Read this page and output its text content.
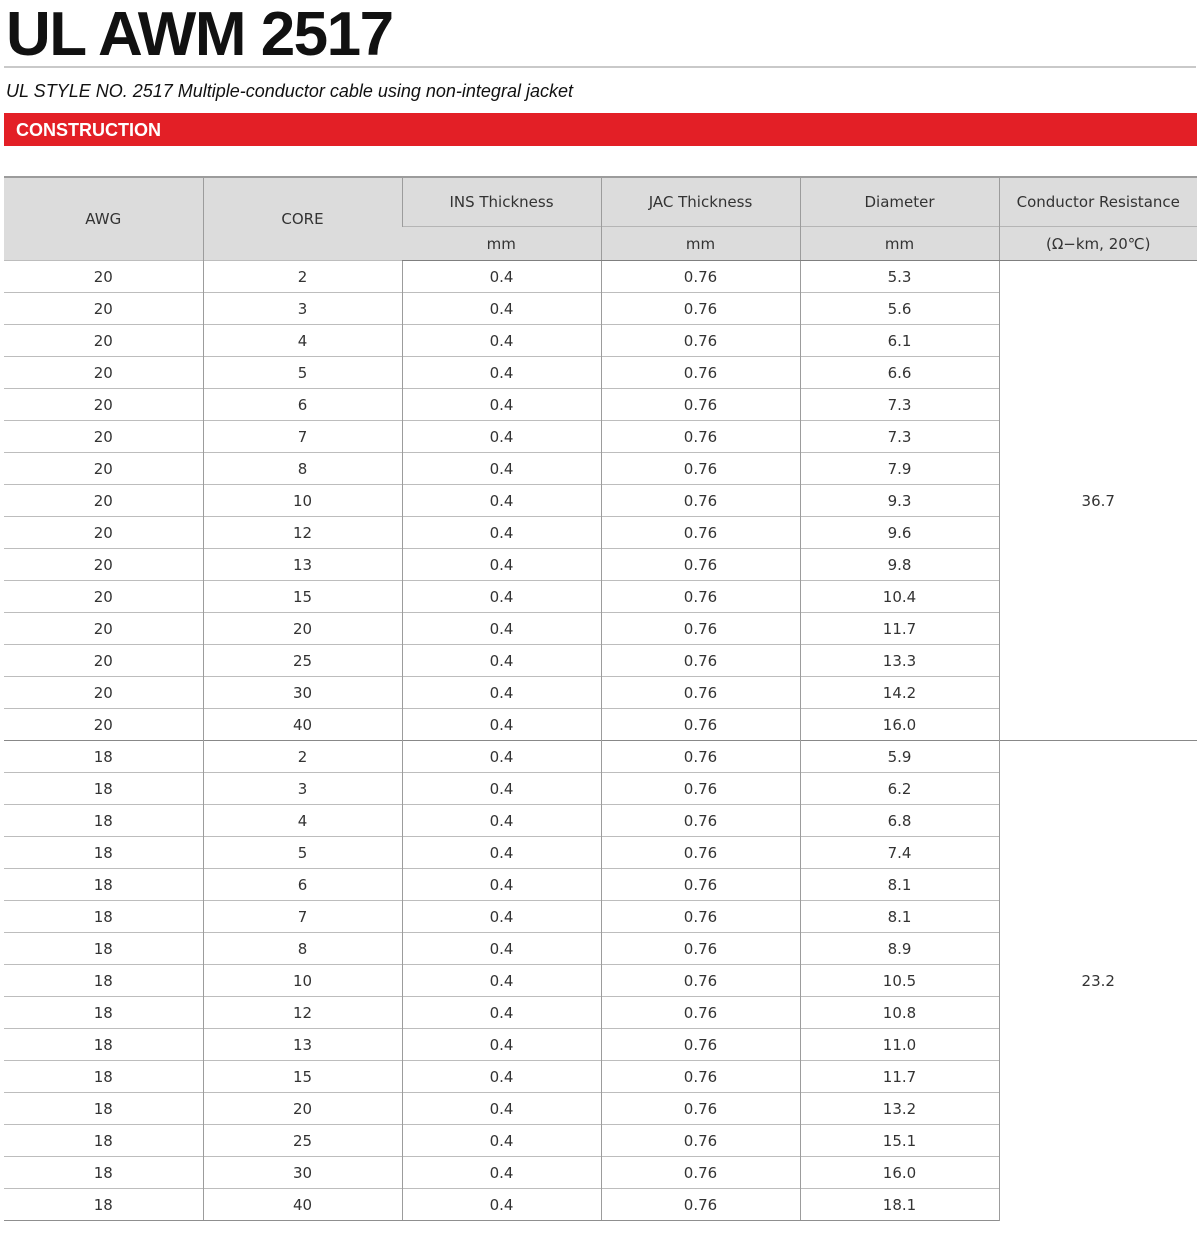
UL AWM 2517

UL STYLE NO. 2517 Multiple-conductor cable using non-integral jacket

CONSTRUCTION
AWG	CORE	INS Thickness	JAC Thickness	Diameter	Conductor Resistance
		mm	mm	mm	(Ω−km, 20℃)
20	2	0.4	0.76	5.3	36.7
20	3	0.4	0.76	5.6	
20	4	0.4	0.76	6.1	
20	5	0.4	0.76	6.6	
20	6	0.4	0.76	7.3	
20	7	0.4	0.76	7.3	
20	8	0.4	0.76	7.9	
20	10	0.4	0.76	9.3	
20	12	0.4	0.76	9.6	
20	13	0.4	0.76	9.8	
20	15	0.4	0.76	10.4	
20	20	0.4	0.76	11.7	
20	25	0.4	0.76	13.3	
20	30	0.4	0.76	14.2	
20	40	0.4	0.76	16.0	
18	2	0.4	0.76	5.9	23.2
18	3	0.4	0.76	6.2	
18	4	0.4	0.76	6.8	
18	5	0.4	0.76	7.4	
18	6	0.4	0.76	8.1	
18	7	0.4	0.76	8.1	
18	8	0.4	0.76	8.9	
18	10	0.4	0.76	10.5	
18	12	0.4	0.76	10.8	
18	13	0.4	0.76	11.0	
18	15	0.4	0.76	11.7	
18	20	0.4	0.76	13.2	
18	25	0.4	0.76	15.1	
18	30	0.4	0.76	16.0	
18	40	0.4	0.76	18.1	
